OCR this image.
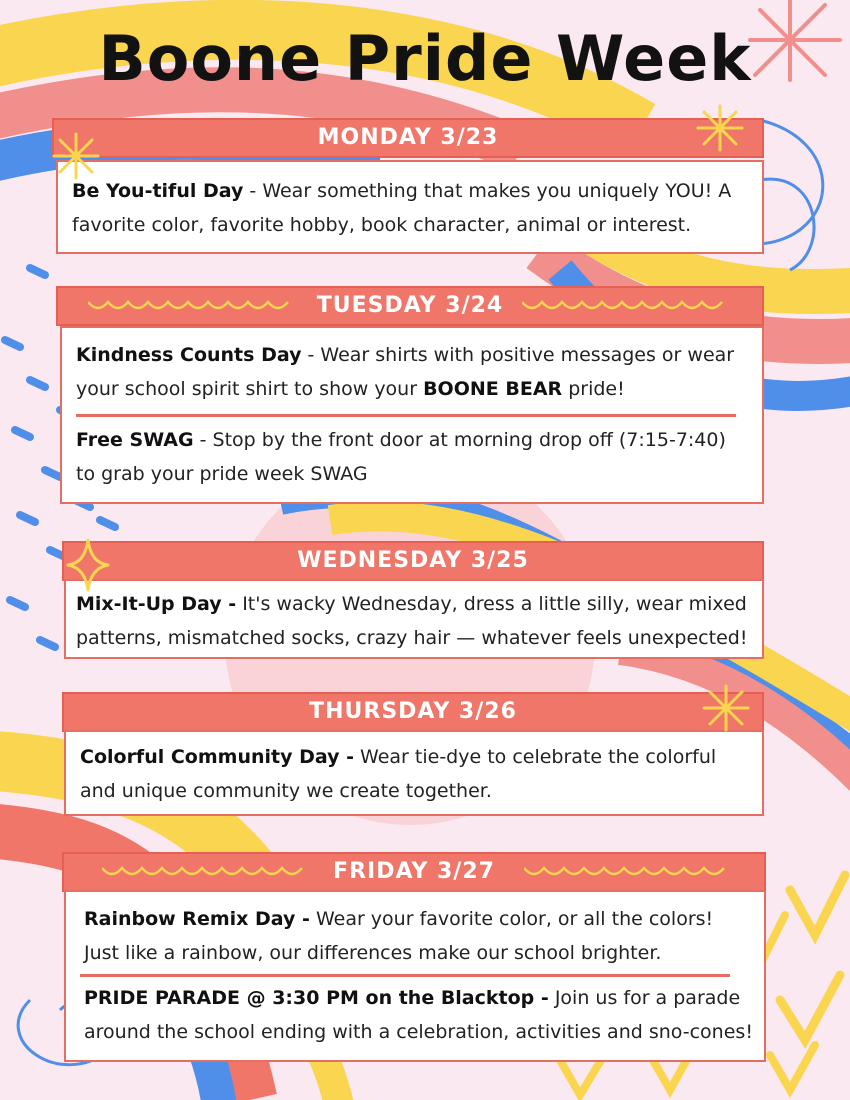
Boone Pride Week
MONDAY 3/23

Be You-tiful Day - Wear something that makes you uniquely YOU! A favorite color, favorite hobby, book character, animal or interest.

TUESDAY 3/24

Kindness Counts Day - Wear shirts with positive messages or wear your school spirit shirt to show your BOONE BEAR pride!

Free SWAG - Stop by the front door at morning drop off (7:15-7:40) to grab your pride week SWAG

WEDNESDAY 3/25

Mix-It-Up Day - It's wacky Wednesday, dress a little silly, wear mixed patterns, mismatched socks, crazy hair — whatever feels unexpected!

THURSDAY 3/26

Colorful Community Day - Wear tie-dye to celebrate the colorful and unique community we create together.

FRIDAY 3/27

Rainbow Remix Day - Wear your favorite color, or all the colors! Just like a rainbow, our differences make our school brighter.

PRIDE PARADE @ 3:30 PM on the Blacktop - Join us for a parade around the school ending with a celebration, activities and sno-cones!
